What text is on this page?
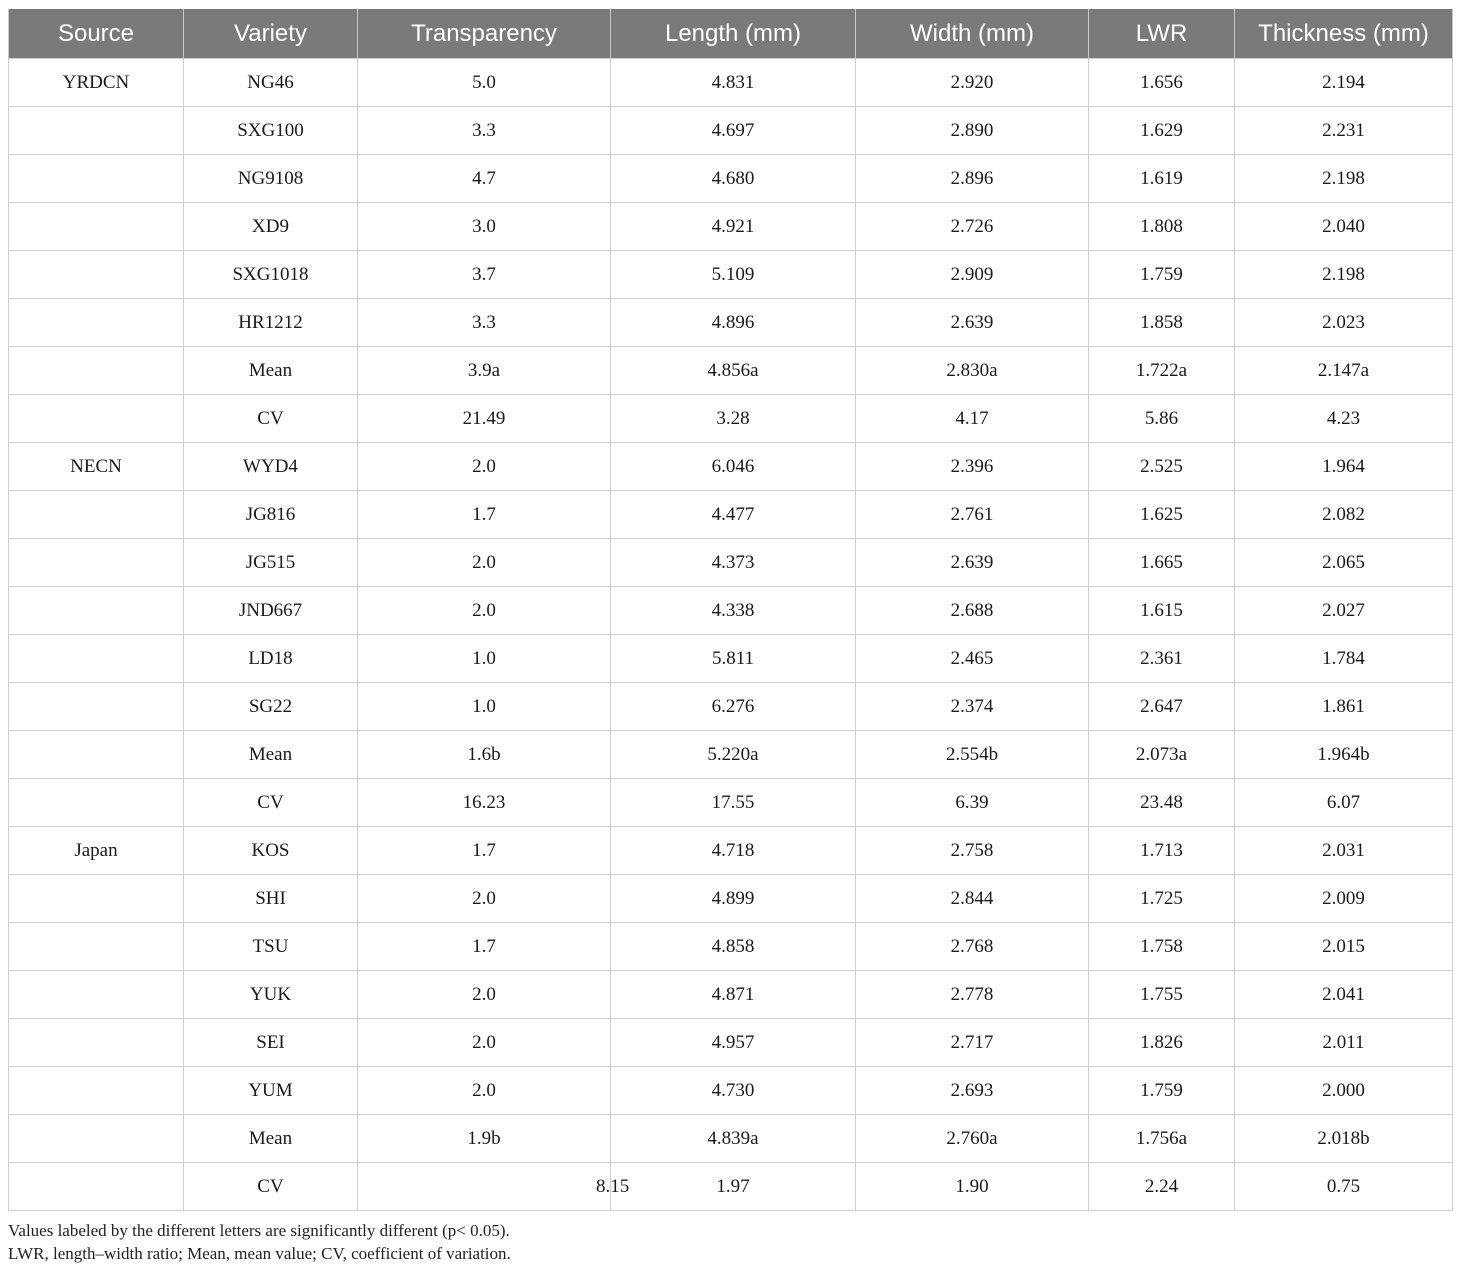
Source	Variety	Transparency	Length (mm)	Width (mm)	LWR	Thickness (mm)
YRDCN	NG46	5.0	4.831	2.920	1.656	2.194
	SXG100	3.3	4.697	2.890	1.629	2.231
	NG9108	4.7	4.680	2.896	1.619	2.198
	XD9	3.0	4.921	2.726	1.808	2.040
	SXG1018	3.7	5.109	2.909	1.759	2.198
	HR1212	3.3	4.896	2.639	1.858	2.023
	Mean	3.9a	4.856a	2.830a	1.722a	2.147a
	CV	21.49	3.28	4.17	5.86	4.23
NECN	WYD4	2.0	6.046	2.396	2.525	1.964
	JG816	1.7	4.477	2.761	1.625	2.082
	JG515	2.0	4.373	2.639	1.665	2.065
	JND667	2.0	4.338	2.688	1.615	2.027
	LD18	1.0	5.811	2.465	2.361	1.784
	SG22	1.0	6.276	2.374	2.647	1.861
	Mean	1.6b	5.220a	2.554b	2.073a	1.964b
	CV	16.23	17.55	6.39	23.48	6.07
Japan	KOS	1.7	4.718	2.758	1.713	2.031
	SHI	2.0	4.899	2.844	1.725	2.009
	TSU	1.7	4.858	2.768	1.758	2.015
	YUK	2.0	4.871	2.778	1.755	2.041
	SEI	2.0	4.957	2.717	1.826	2.011
	YUM	2.0	4.730	2.693	1.759	2.000
	Mean	1.9b	4.839a	2.760a	1.756a	2.018b
	CV	8.15	1.97	1.90	2.24	0.75
Values labeled by the different letters are significantly different (p< 0.05).
LWR, length–width ratio; Mean, mean value; CV, coefficient of variation.
